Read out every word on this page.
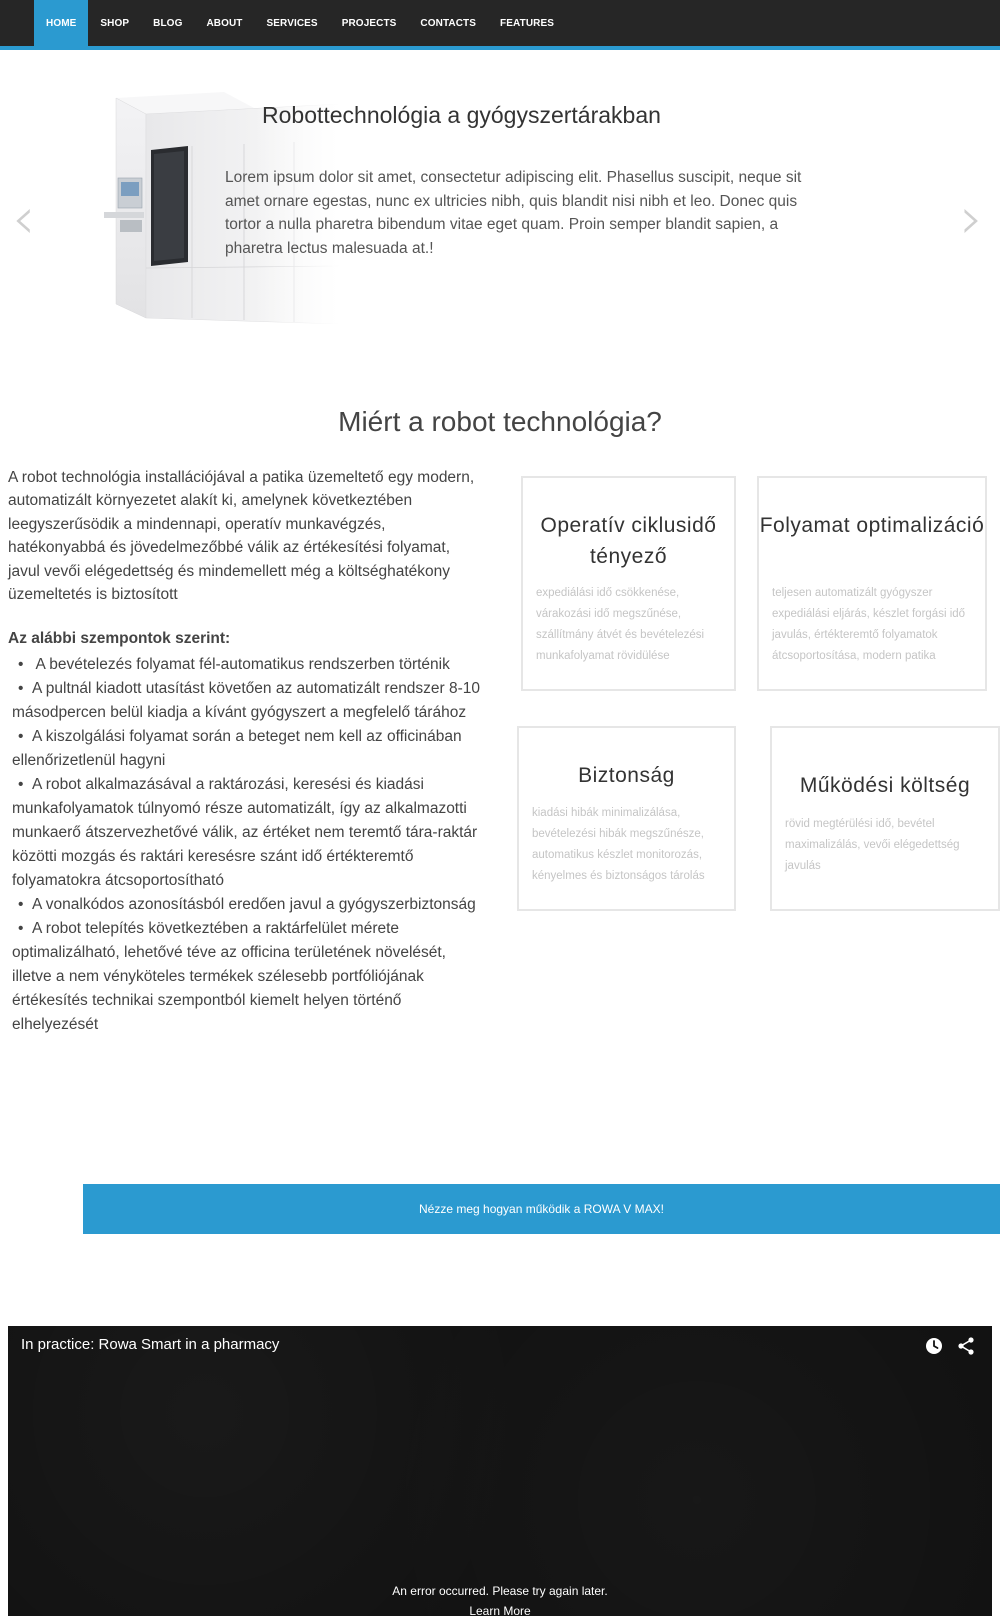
HOME	SHOP	BLOG	ABOUT	SERVICES	PROJECTS	CONTACTS	FEATURES
‹	›
Robottechnológia a gyógyszertárakban

Lorem ipsum dolor sit amet, consectetur adipiscing elit. Phasellus suscipit, neque sit amet ornare egestas, nunc ex ultricies nibh, quis blandit nisi nibh et leo. Donec quis tortor a nulla pharetra bibendum vitae eget quam. Proin semper blandit sapien, a pharetra lectus malesuada at.!

Miért a robot technológia?

A robot technológia installációjával a patika üzemeltető egy modern, automatizált környezetet alakít ki, amelynek következtében leegyszerűsödik a mindennapi, operatív munkavégzés, hatékonyabbá és jövedelmezőbbé válik az értékesítési folyamat, javul vevői elégedettség és mindemellett még a költséghatékony üzemeltetés is biztosított

Az alábbi szempontok szerint:
• A bevételezés folyamat fél-automatikus rendszerben történik
• A pultnál kiadott utasítást követően az automatizált rendszer 8-10 másodpercen belül kiadja a kívánt gyógyszert a megfelelő tárához
• A kiszolgálási folyamat során a beteget nem kell az officinában ellenőrizetlenül hagyni
• A robot alkalmazásával a raktározási, keresési és kiadási munkafolyamatok túlnyomó része automatizált, így az alkalmazotti munkaerő átszervezhetővé válik, az értéket nem teremtő tára-raktár közötti mozgás és raktári keresésre szánt idő értékteremtő folyamatokra átcsoportosítható
• A vonalkódos azonosításból eredően javul a gyógyszerbiztonság
• A robot telepítés következtében a raktárfelület mérete optimalizálható, lehetővé téve az officina területének növelését, illetve a nem vényköteles termékek szélesebb portfóliójának értékesítés technikai szempontból kiemelt helyen történő elhelyezését
Operatív ciklusidő tényező

expediálási idő csökkenése, várakozási idő megszűnése, szállítmány átvét és bevételezési munkafolyamat rövidülése

Folyamat optimalizáció

teljesen automatizált gyógyszer expediálási eljárás, készlet forgási idő javulás, értékteremtő folyamatok átcsoportosítása, modern patika

Biztonság

kiadási hibák minimalizálása, bevételezési hibák megszűnésze, automatikus készlet monitorozás, kényelmes és biztonságos tárolás

Működési költség

rövid megtérülési idő, bevétel maximalizálás, vevői elégedettség javulás

Nézze meg hogyan működik a ROWA V MAX!
In practice: Rowa Smart in a pharmacy
An error occurred. Please try again later.
Learn More
